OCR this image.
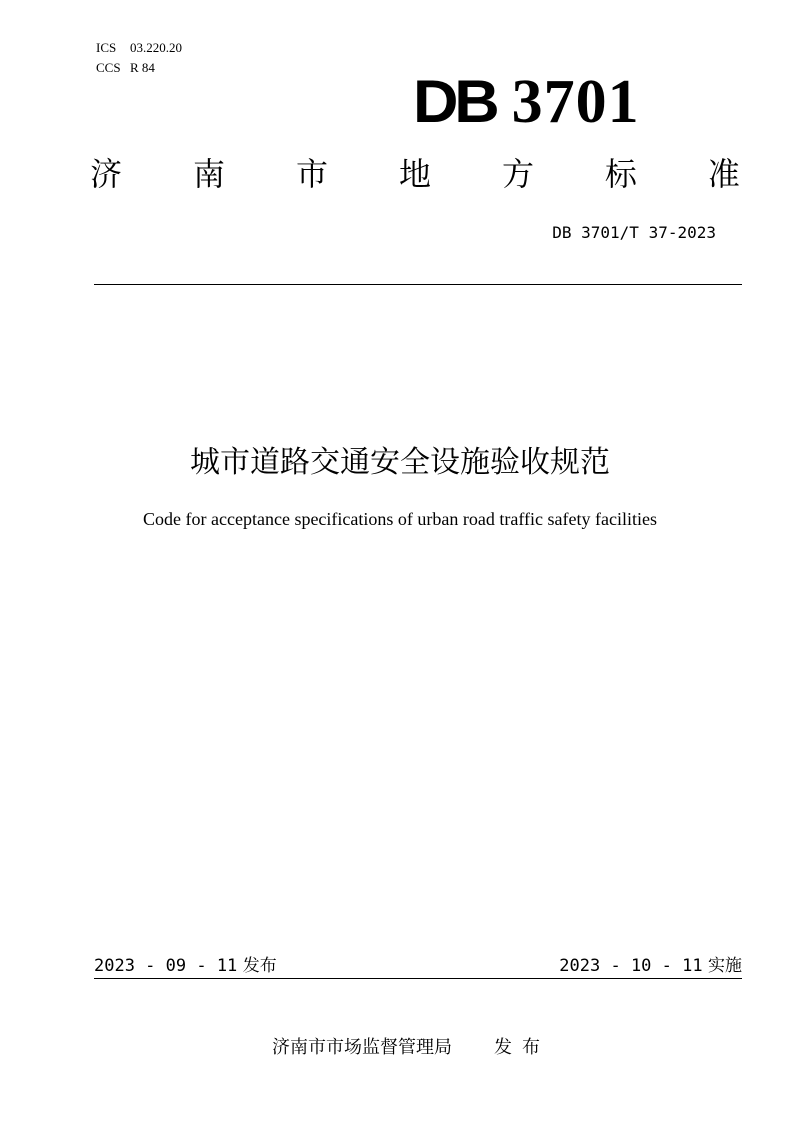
ICS	03.220.20
CCS R 84
DB 3701
济 南 市 地 方 标 准
DB 3701/T 37-2023
城市道路交通安全设施验收规范
Code for acceptance specifications of urban road traffic safety facilities
2023 - 09 - 11 发布	2023 - 10 - 11 实施
济南市市场监督管理局 发布
